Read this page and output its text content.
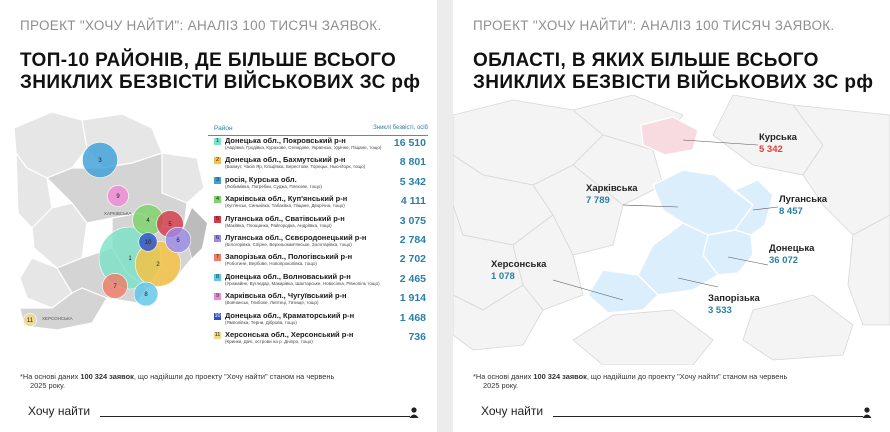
ПРОЕКТ "ХОЧУ НАЙТИ": АНАЛІЗ 100 ТИСЯЧ ЗАЯВОК.
ТОП-10 РАЙОНІВ, ДЕ БІЛЬШЕ ВСЬОГО
ЗНИКЛИХ БЕЗВІСТИ ВІЙСЬКОВИХ ЗС рф
ХАРКІВСЬКА
ХЕРСОНСЬКА
1
2
3
4
5
6
7
8
9
10
11
Район	Зниклі безвісті, осіб
1 Донецька обл., Покровський р-н
(Авдіївка, Гродівка, Курахове, Селидове, Українськ, Удачне, Піщане, тощо) 16 510
2 Донецька обл., Бахмутський р-н
(Бахмут, Часів Яр, Кліщіївка, Берестове, Торецьк, Нью-Йорк, тощо)	8 801
3 росія, Курська обл.
(Любимівка, Погребки, Суджа, Плехове, тощо)	5 342
4 Харківська обл., Куп'янський р-н
(Куп'янськ, Синьківка, Табаєвка, Піщане, Дворічна, тощо)	4 111
5 Луганська обл., Сватівський р-н
(Макіївка, Площанка, Райгородка, Андріївка, тощо)	3 075
6 Луганська обл., Сєвєродонецький р-н
(Білогорівка, Спірне, Верхньокам'янське, Золотарівка, тощо)	2 784
7 Запорізька обл., Пологівський р-н
(Роботине, Вербове, Новопрокопівка, тощо)	2 702
8 Донецька обл., Волноваський р-н
(Урожайне, Вугледар, Макарівка, Шахтарське, Новосілка, Рівнопіль тощо) 2 465
9 Харківська обл., Чугуївський р-н
(Вовчанськ, Глибоке, Липтеці, Гатище, тощо)	1 914
10 Донецька обл., Краматорський р-н
(Ямполівка, Терни, Діброва, тощо)	1 468
11 Херсонська обл., Херсонський р-н
(Кринки, Дачі, острови на р. Дніпро, тощо)	736
*На основі даних 100 324 заявок, що надійшли до проекту "Хочу найти" станом на червень
2025 року.
Хочу найти
ПРОЕКТ "ХОЧУ НАЙТИ": АНАЛІЗ 100 ТИСЯЧ ЗАЯВОК.
ОБЛАСТІ, В ЯКИХ БІЛЬШЕ ВСЬОГО
ЗНИКЛИХ БЕЗВІСТИ ВІЙСЬКОВИХ ЗС рф
Курська
5 342
Харківська
7 789	Луганська
8 457
Донецька
36 072
Херсонська
1 078
Запорізька
3 533
*На основі даних 100 324 заявок, що надійшли до проекту "Хочу найти" станом на червень
2025 року.
Хочу найти
